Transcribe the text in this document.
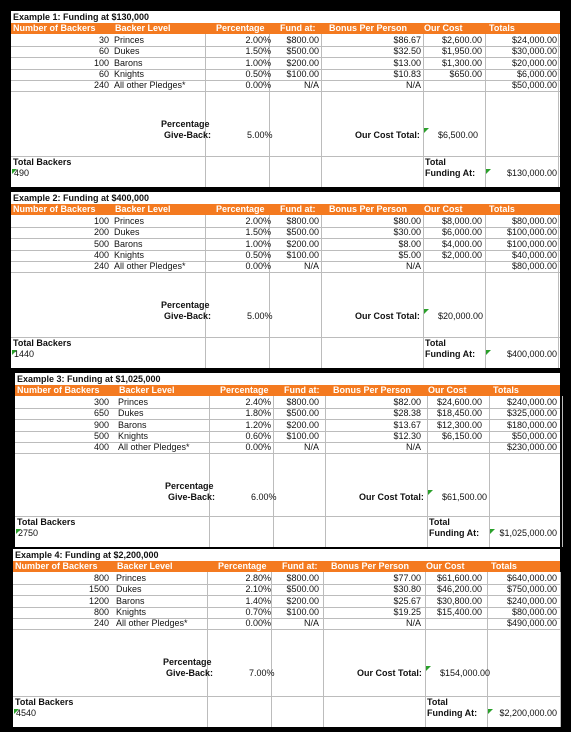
Example 1: Funding at $130,000
Number of Backers Backer Level	Percentage Fund at: Bonus Per Person Our Cost	Totals
30 Princes	2.00% $800.00	$86.67 $2,600.00	$24,000.00
60 Dukes	1.50% $500.00	$32.50 $1,950.00	$30,000.00
100 Barons	1.00% $200.00	$13.00 $1,300.00	$20,000.00
60 Knights	0.50% $100.00	$10.83	$650.00	$6,000.00
240 All other Pledges*	0.00%	N/A	N/A	$50,000.00
Percentage
Give-Back:	5.00%	Our Cost Total: $6,500.00
Total Backers	Total
490	Funding At:	$130,000.00
Example 2: Funding at $400,000
Number of Backers Backer Level	Percentage Fund at: Bonus Per Person Our Cost	Totals
100 Princes	2.00% $800.00	$80.00 $8,000.00	$80,000.00
200 Dukes	1.50% $500.00	$30.00 $6,000.00	$100,000.00
500 Barons	1.00% $200.00	$8.00 $4,000.00	$100,000.00
400 Knights	0.50% $100.00	$5.00 $2,000.00	$40,000.00
240 All other Pledges*	0.00%	N/A	N/A	$80,000.00
Percentage
Give-Back:	5.00%	Our Cost Total: $20,000.00
Total Backers	Total
1440	Funding At:	$400,000.00
Example 3: Funding at $1,025,000
Number of Backers Backer Level	Percentage Fund at: Bonus Per Person Our Cost	Totals
300 Princes	2.40% $800.00	$82.00 $24,600.00	$240,000.00
650 Dukes	1.80% $500.00	$28.38 $18,450.00	$325,000.00
900 Barons	1.20% $200.00	$13.67 $12,300.00	$180,000.00
500 Knights	0.60% $100.00	$12.30 $6,150.00	$50,000.00
400 All other Pledges*	0.00%	N/A	N/A	$230,000.00
Percentage
Give-Back:	6.00%	Our Cost Total: $61,500.00
Total Backers	Total
2750	Funding At: $1,025,000.00
Example 4: Funding at $2,200,000
Number of Backers Backer Level	Percentage Fund at: Bonus Per Person Our Cost	Totals
800 Princes	2.80% $800.00	$77.00 $61,600.00	$640,000.00
1500 Dukes	2.10% $500.00	$30.80 $46,200.00	$750,000.00
1200 Barons	1.40% $200.00	$25.67 $30,800.00	$240,000.00
800 Knights	0.70% $100.00	$19.25 $15,400.00	$80,000.00
240 All other Pledges*	0.00%	N/A	N/A	$490,000.00
Percentage
Give-Back:	7.00%	Our Cost Total: $154,000.00
Total Backers	Total
4540	Funding At: $2,200,000.00
